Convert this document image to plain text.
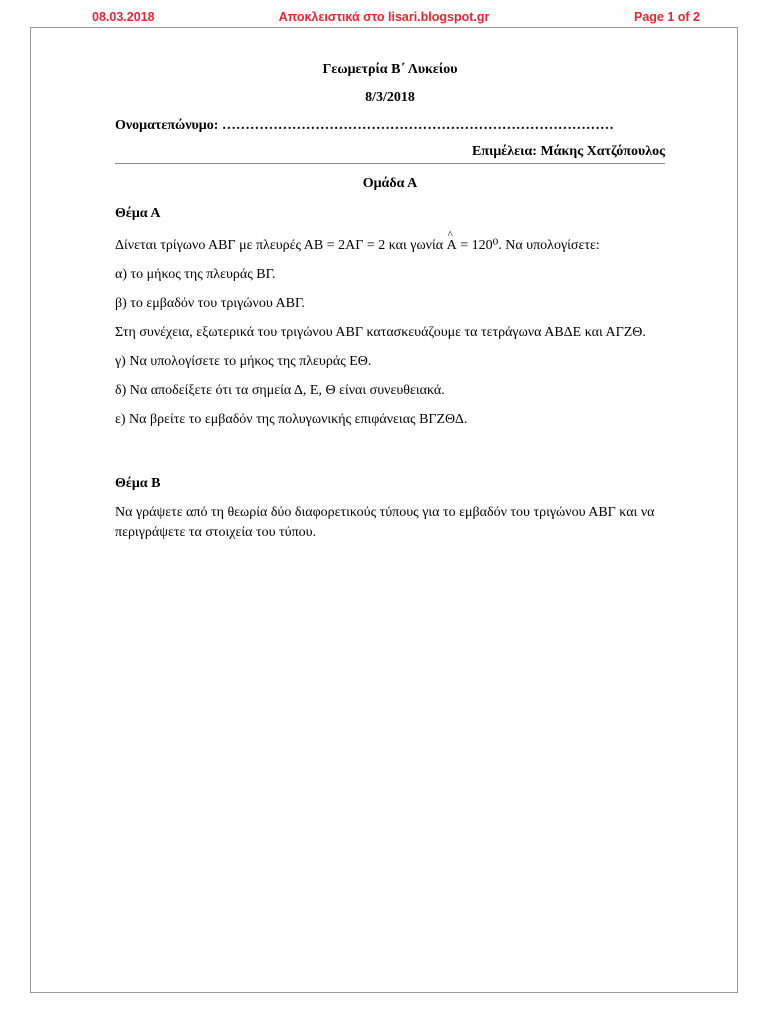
08.03.2018	Αποκλειστικά στο lisari.blogspot.gr	Page 1 of 2

Γεωμετρία Β΄ Λυκείου

8/3/2018

Ονοματεπώνυμο: …………………………………………………………………………
Επιμέλεια: Μάκης Χατζόπουλος
Ομάδα Α
Θέμα Α

Δίνεται τρίγωνο ΑΒΓ με πλευρές ΑΒ = 2ΑΓ = 2 και γωνία ^ Α = 120⁰. Να υπολογίσετε:

α) το μήκος της πλευράς ΒΓ.

β) το εμβαδόν του τριγώνου ΑΒΓ.

Στη συνέχεια, εξωτερικά του τριγώνου ΑΒΓ κατασκευάζουμε τα τετράγωνα ΑΒΔΕ και ΑΓΖΘ.

γ) Να υπολογίσετε το μήκος της πλευράς ΕΘ.

δ) Να αποδείξετε ότι τα σημεία Δ, Ε, Θ είναι συνευθειακά.

ε) Να βρείτε το εμβαδόν της πολυγωνικής επιφάνειας ΒΓΖΘΔ.

Θέμα Β

Να γράψετε από τη θεωρία δύο διαφορετικούς τύπους για το εμβαδόν του τριγώνου ΑΒΓ και να περιγράψετε τα στοιχεία του τύπου.
